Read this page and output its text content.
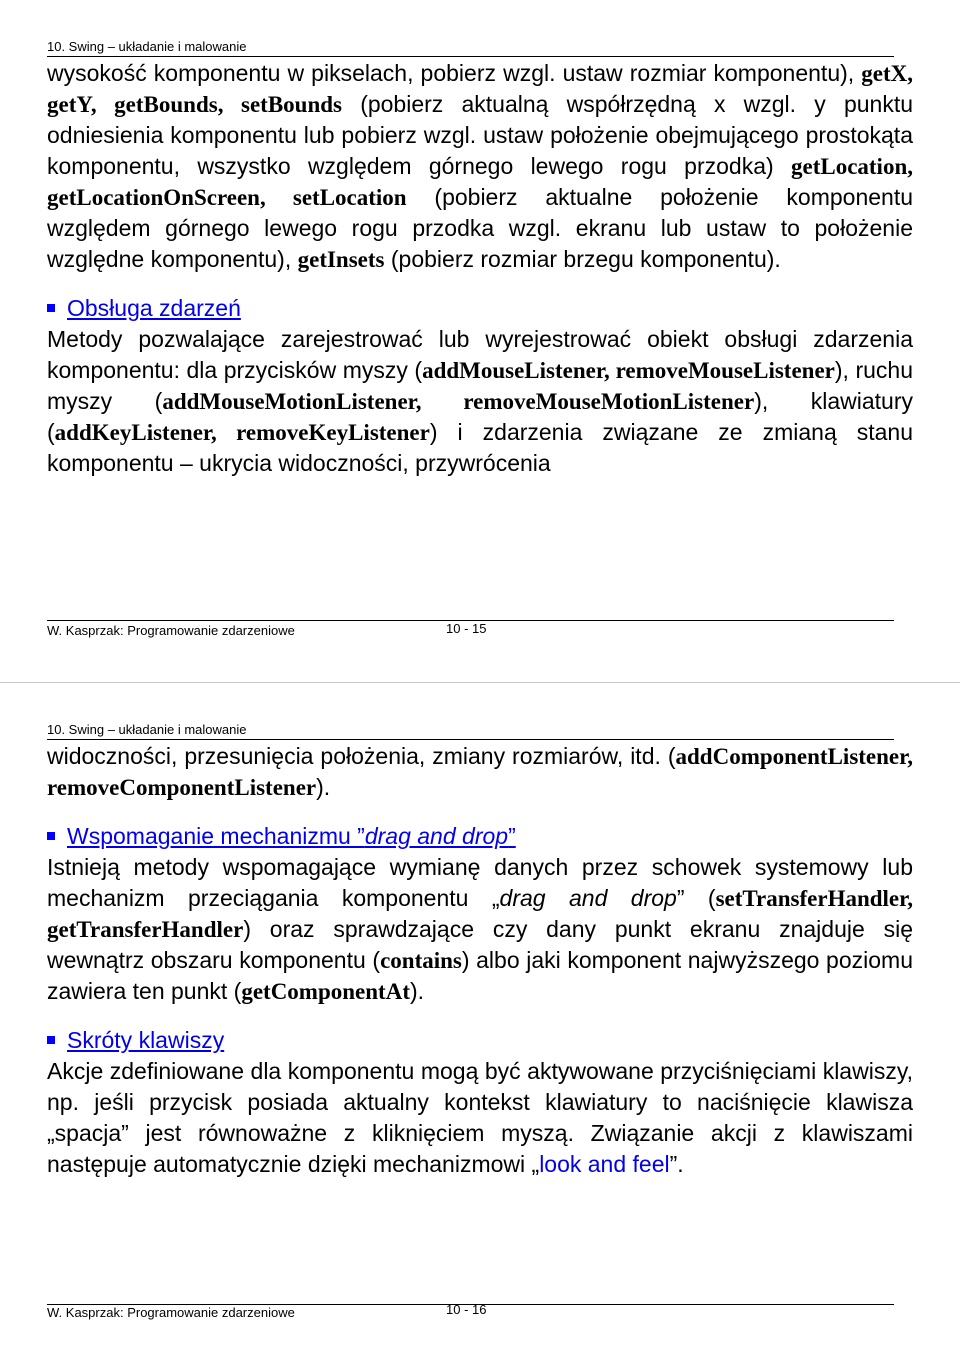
10. Swing – układanie i malowanie

wysokość komponentu w pikselach, pobierz wzgl. ustaw rozmiar komponentu), getX, getY, getBounds, setBounds (pobierz aktualną współrzędną x wzgl. y punktu odniesienia komponentu lub pobierz wzgl. ustaw położenie obejmującego prostokąta komponentu, wszystko względem górnego lewego rogu przodka) getLocation, getLocationOnScreen, setLocation (pobierz aktualne położenie komponentu względem górnego lewego rogu przodka wzgl. ekranu lub ustaw to położenie względne komponentu), getInsets (pobierz rozmiar brzegu komponentu).

Obsługa zdarzeń

Metody pozwalające zarejestrować lub wyrejestrować obiekt obsługi zdarzenia komponentu: dla przycisków myszy (addMouseListener, removeMouseListener), ruchu myszy (addMouseMotionListener, removeMouseMotionListener), klawiatury (addKeyListener, removeKeyListener) i zdarzenia związane ze zmianą stanu komponentu – ukrycia widoczności, przywrócenia

W. Kasprzak: Programowanie zdarzeniowe	10 - 15
10. Swing – układanie i malowanie

widoczności, przesunięcia położenia, zmiany rozmiarów, itd. (addComponentListener, removeComponentListener).

Wspomaganie mechanizmu ”drag and drop”

Istnieją metody wspomagające wymianę danych przez schowek systemowy lub mechanizm przeciągania komponentu „drag and drop” (setTransferHandler, getTransferHandler) oraz sprawdzające czy dany punkt ekranu znajduje się wewnątrz obszaru komponentu (contains) albo jaki komponent najwyższego poziomu zawiera ten punkt (getComponentAt).

Skróty klawiszy

Akcje zdefiniowane dla komponentu mogą być aktywowane przyciśnięciami klawiszy, np. jeśli przycisk posiada aktualny kontekst klawiatury to naciśnięcie klawisza „spacja” jest równoważne z kliknięciem myszą. Związanie akcji z klawiszami następuje automatycznie dzięki mechanizmowi „look and feel”.

W. Kasprzak: Programowanie zdarzeniowe	10 - 16
